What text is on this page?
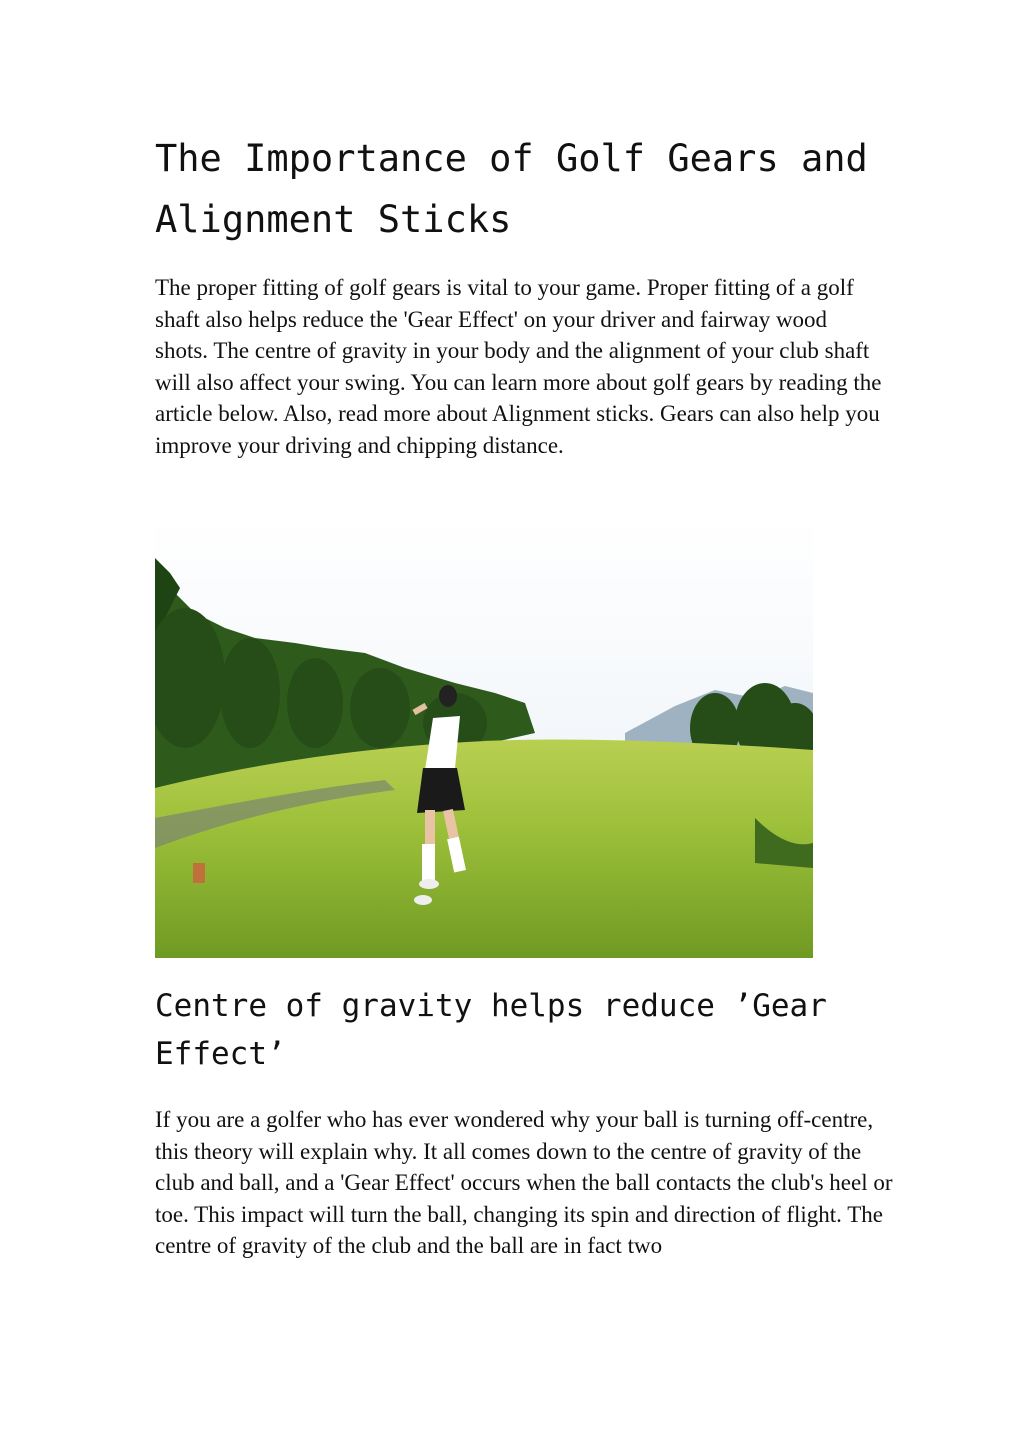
The Importance of Golf Gears and Alignment Sticks

The proper fitting of golf gears is vital to your game. Proper fitting of a golf shaft also helps reduce the 'Gear Effect' on your driver and fairway wood shots. The centre of gravity in your body and the alignment of your club shaft will also affect your swing. You can learn more about golf gears by reading the article below. Also, read more about Alignment sticks. Gears can also help you improve your driving and chipping distance.

Centre of gravity helps reduce ’Gear Effect’

If you are a golfer who has ever wondered why your ball is turning off-centre, this theory will explain why. It all comes down to the centre of gravity of the club and ball, and a 'Gear Effect' occurs when the ball contacts the club's heel or toe. This impact will turn the ball, changing its spin and direction of flight. The centre of gravity of the club and the ball are in fact two
